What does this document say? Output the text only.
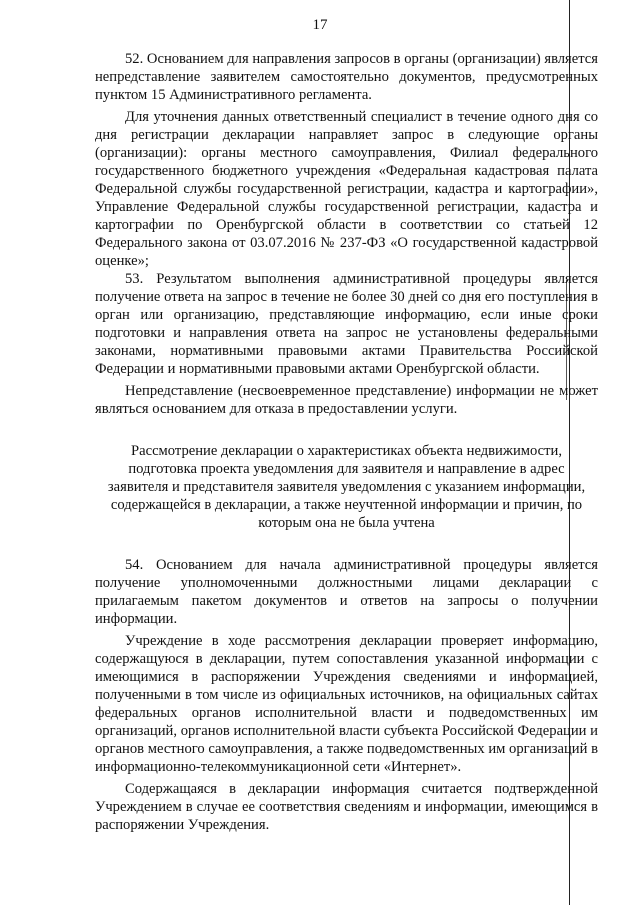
17

52. Основанием для направления запросов в органы (организации) является непредставление заявителем самостоятельно документов, предусмотренных пунктом 15 Административного регламента.

Для уточнения данных ответственный специалист в течение одного дня со дня регистрации декларации направляет запрос в следующие органы (организации): органы местного самоуправления, Филиал федерального государственного бюджетного учреждения «Федеральная кадастровая палата Федеральной службы государственной регистрации, кадастра и картографии», Управление Федеральной службы государственной регистрации, кадастра и картографии по Оренбургской области в соответствии со статьей 12 Федерального закона от 03.07.2016 № 237-ФЗ «О государственной кадастровой оценке»;

53. Результатом выполнения административной процедуры является получение ответа на запрос в течение не более 30 дней со дня его поступления в орган или организацию, представляющие информацию, если иные сроки подготовки и направления ответа на запрос не установлены федеральными законами, нормативными правовыми актами Правительства Российской Федерации и нормативными правовыми актами Оренбургской области.

Непредставление (несвоевременное представление) информации не может являться основанием для отказа в предоставлении услуги.

Рассмотрение декларации о характеристиках объекта недвижимости, подготовка проекта уведомления для заявителя и направление в адрес заявителя и представителя заявителя уведомления с указанием информации, содержащейся в декларации, а также неучтенной информации и причин, по которым она не была учтена

54. Основанием для начала административной процедуры является получение уполномоченными должностными лицами декларации с прилагаемым пакетом документов и ответов на запросы о получении информации.

Учреждение в ходе рассмотрения декларации проверяет информацию, содержащуюся в декларации, путем сопоставления указанной информации с имеющимися в распоряжении Учреждения сведениями и информацией, полученными в том числе из официальных источников, на официальных сайтах федеральных органов исполнительной власти и подведомственных им организаций, органов исполнительной власти субъекта Российской Федерации и органов местного самоуправления, а также подведомственных им организаций в информационно-телекоммуникационной сети «Интернет».

Содержащаяся в декларации информация считается подтвержденной Учреждением в случае ее соответствия сведениям и информации, имеющимся в распоряжении Учреждения.
